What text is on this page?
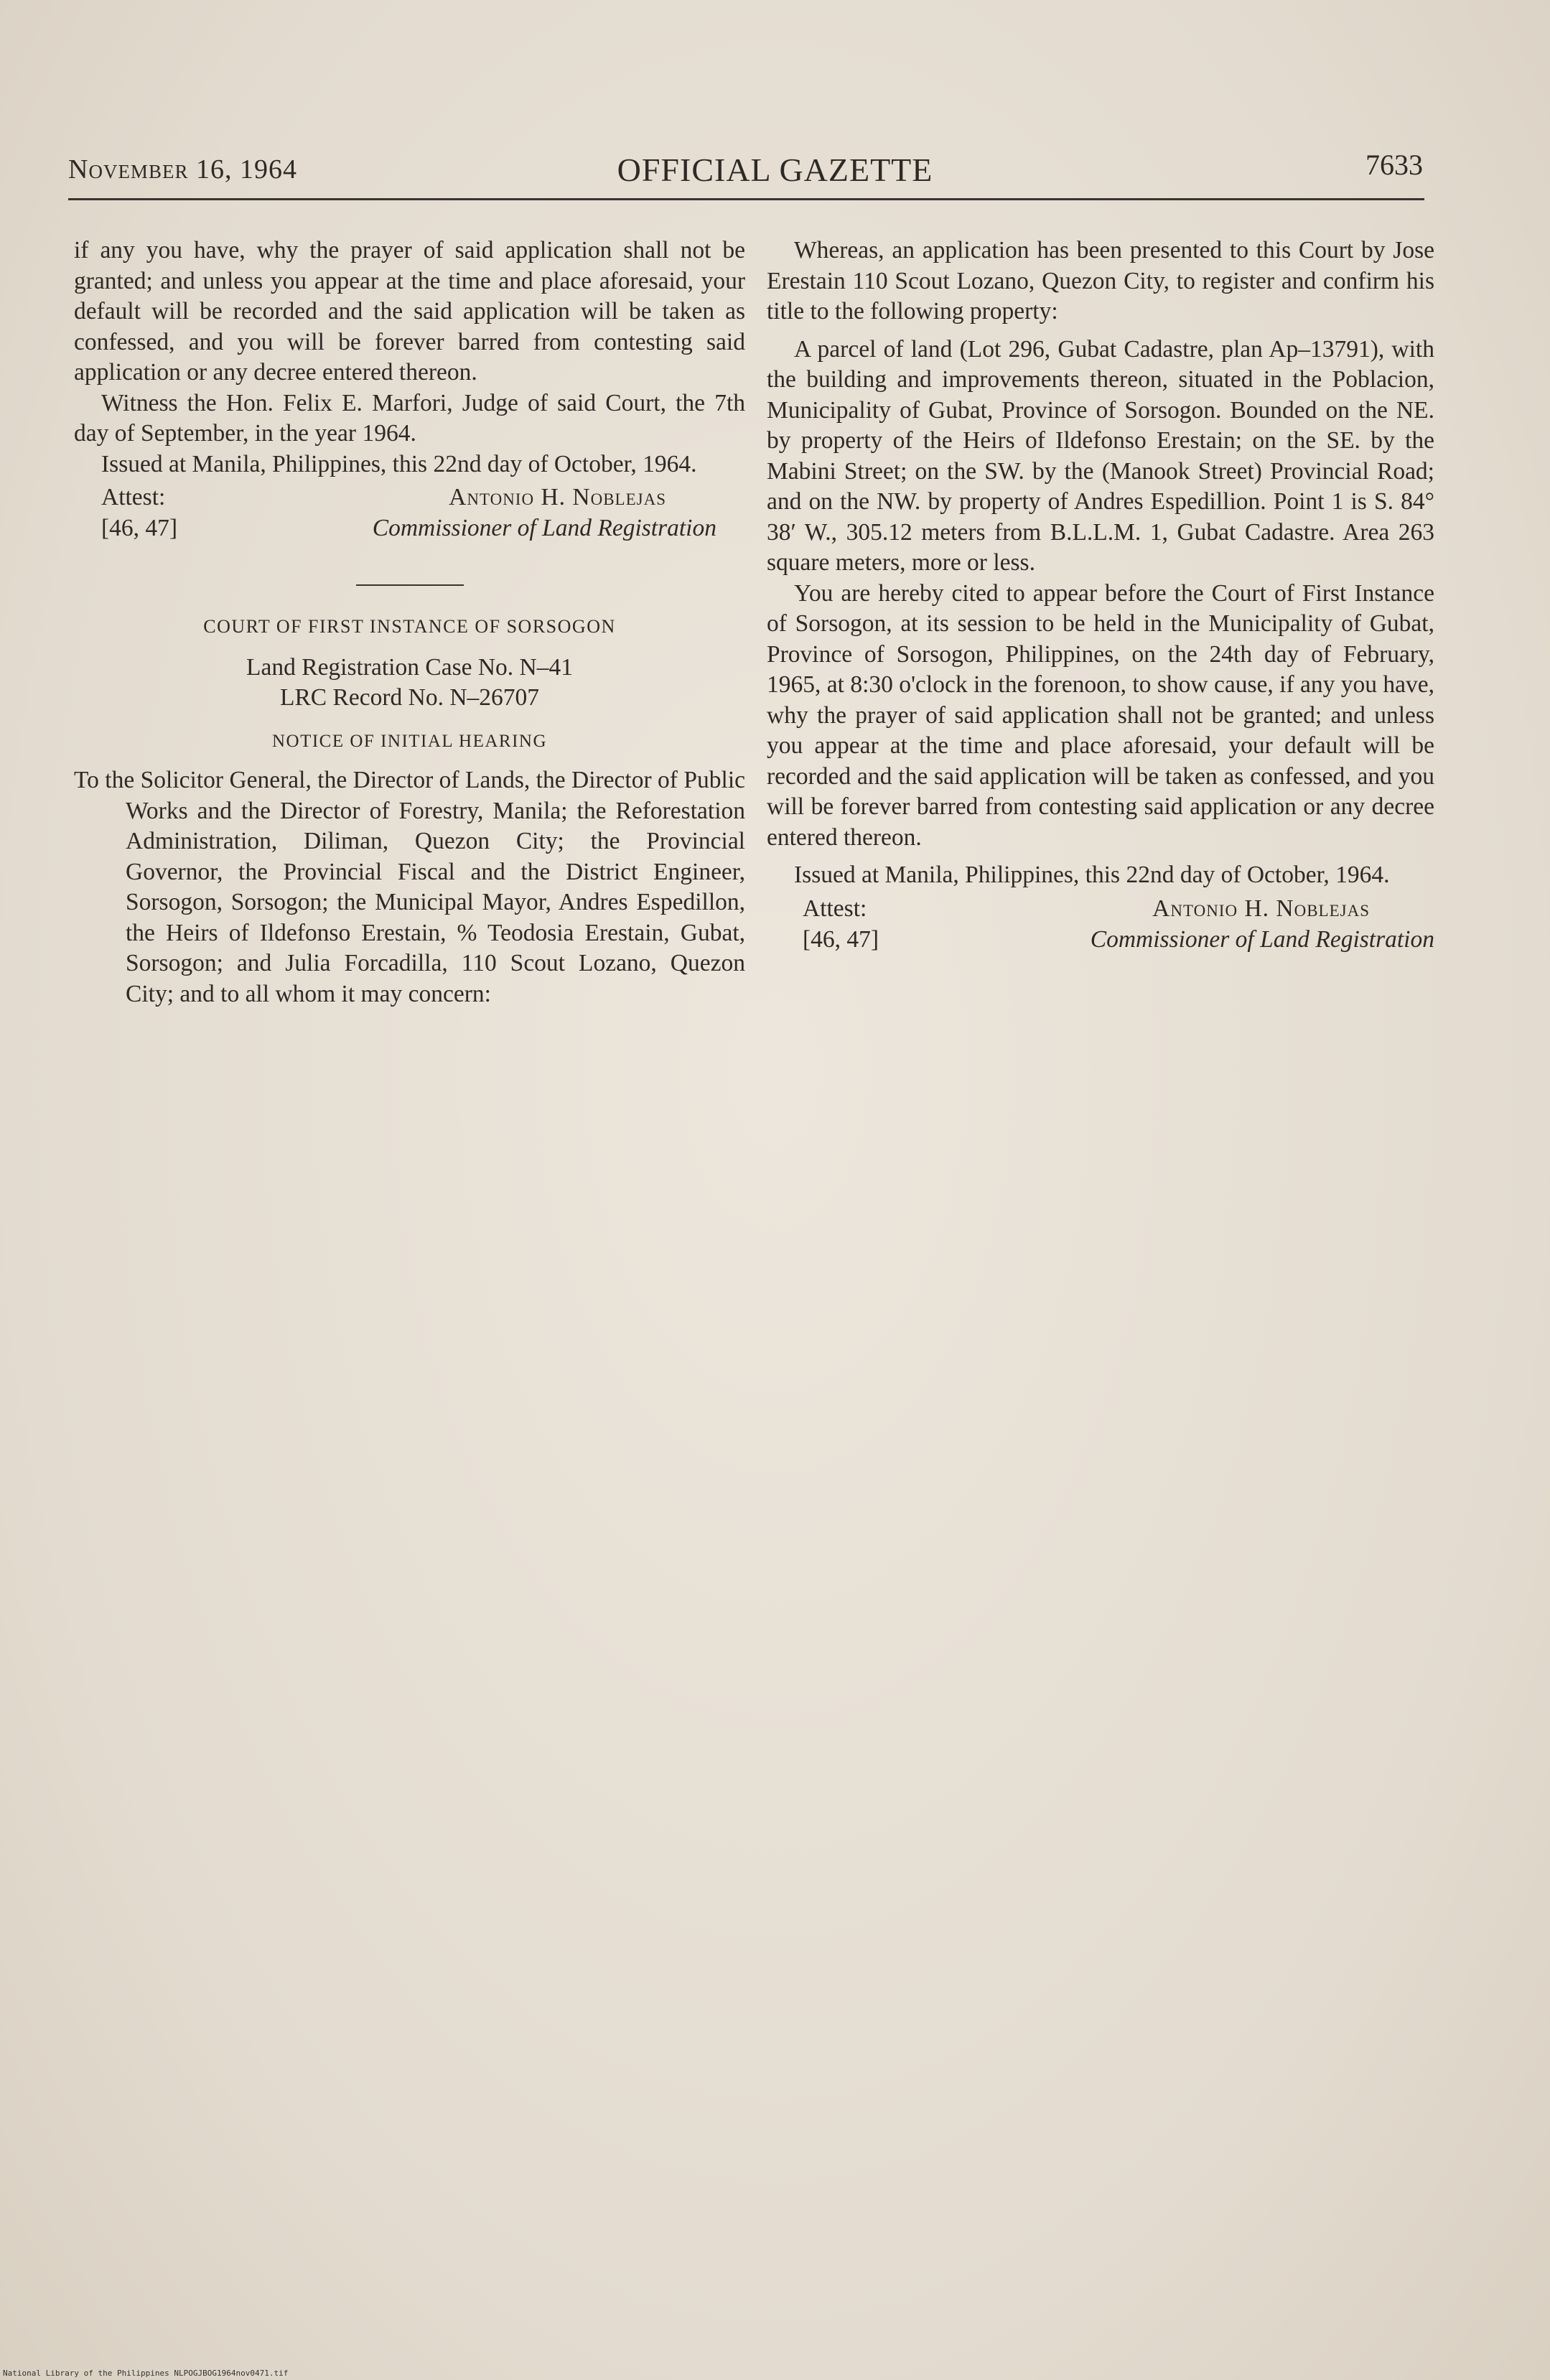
November 16, 1964	OFFICIAL GAZETTE	7633

if any you have, why the prayer of said application shall not be granted; and unless you appear at the time and place aforesaid, your default will be recorded and the said application will be taken as confessed, and you will be forever barred from contesting said application or any decree entered thereon.

Witness the Hon. Felix E. Marfori, Judge of said Court, the 7th day of September, in the year 1964.

Issued at Manila, Philippines, this 22nd day of October, 1964.

Attest:	Antonio H. Noblejas
[46, 47]	Commissioner of Land Registration
COURT OF FIRST INSTANCE OF SORSOGON

Land Registration Case No. N–41

LRC Record No. N–26707

NOTICE OF INITIAL HEARING

To the Solicitor General, the Director of Lands, the Director of Public Works and the Director of Forestry, Manila; the Reforestation Administration, Diliman, Quezon City; the Provincial Governor, the Provincial Fiscal and the District Engineer, Sorsogon, Sorsogon; the Municipal Mayor, Andres Espedillon, the Heirs of Ildefonso Erestain, % Teodosia Erestain, Gubat, Sorsogon; and Julia Forcadilla, 110 Scout Lozano, Quezon City; and to all whom it may concern:

Whereas, an application has been presented to this Court by Jose Erestain 110 Scout Lozano, Quezon City, to register and confirm his title to the following property:

A parcel of land (Lot 296, Gubat Cadastre, plan Ap–13791), with the building and improvements thereon, situated in the Poblacion, Municipality of Gubat, Province of Sorsogon. Bounded on the NE. by property of the Heirs of Ildefonso Erestain; on the SE. by the Mabini Street; on the SW. by the (Manook Street) Provincial Road; and on the NW. by property of Andres Espedillion. Point 1 is S. 84° 38′ W., 305.12 meters from B.L.L.M. 1, Gubat Cadastre. Area 263 square meters, more or less.

You are hereby cited to appear before the Court of First Instance of Sorsogon, at its session to be held in the Municipality of Gubat, Province of Sorsogon, Philippines, on the 24th day of February, 1965, at 8:30 o'clock in the forenoon, to show cause, if any you have, why the prayer of said application shall not be granted; and unless you appear at the time and place aforesaid, your default will be recorded and the said application will be taken as confessed, and you will be forever barred from contesting said application or any decree entered thereon.

Issued at Manila, Philippines, this 22nd day of October, 1964.

Attest:	Antonio H. Noblejas
[46, 47]	Commissioner of Land Registration
National Library of the Philippines NLPOGJBOG1964nov0471.tif
